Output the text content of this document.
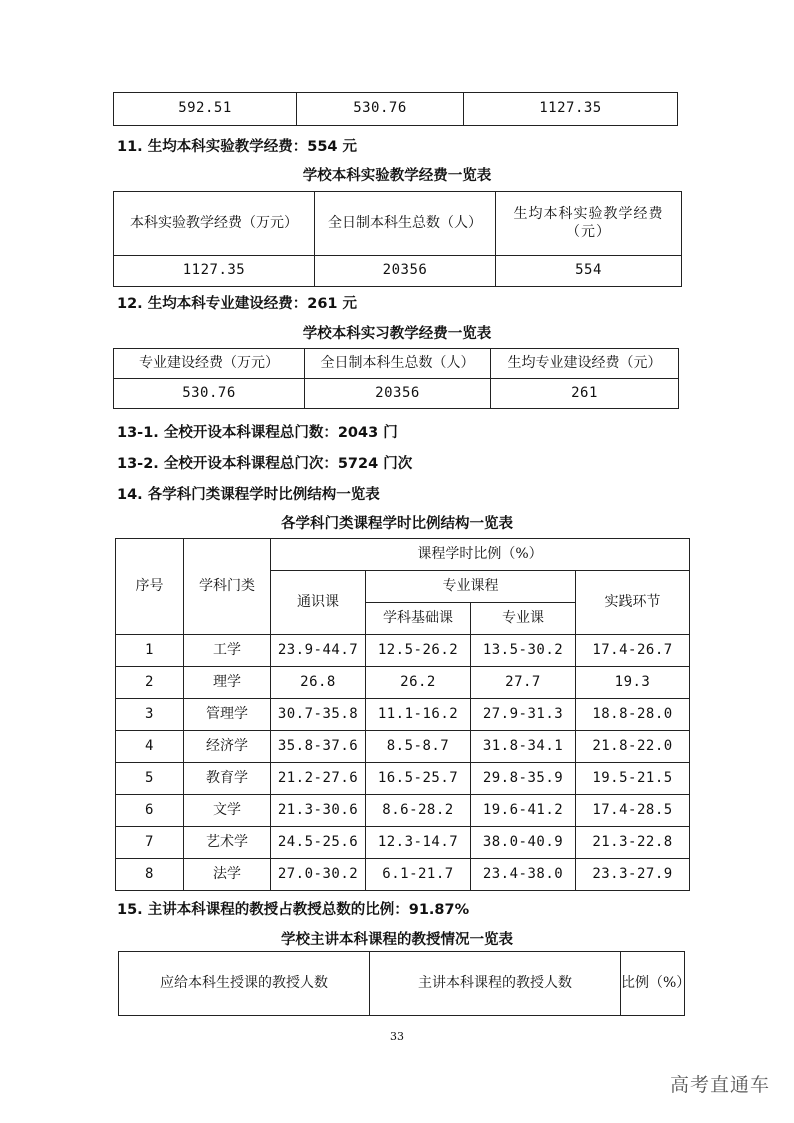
592.51	530.76	1127.35
11. 生均本科实验教学经费：554 元
学校本科实验教学经费一览表
本科实验教学经费（万元）	全日制本科生总数（人）	生均本科实验教学经费（元）
1127.35	20356	554
12. 生均本科专业建设经费：261 元
学校本科实习教学经费一览表
专业建设经费（万元）	全日制本科生总数（人）	生均专业建设经费（元）
530.76	20356	261
13-1. 全校开设本科课程总门数：2043 门
13-2. 全校开设本科课程总门次：5724 门次
14. 各学科门类课程学时比例结构一览表
各学科门类课程学时比例结构一览表
序号	学科门类	课程学时比例（%）			
		通识课	专业课程		实践环节
			学科基础课	专业课	
1	工学	23.9-44.7	12.5-26.2	13.5-30.2	17.4-26.7
2	理学	26.8	26.2	27.7	19.3
3	管理学	30.7-35.8	11.1-16.2	27.9-31.3	18.8-28.0
4	经济学	35.8-37.6	8.5-8.7	31.8-34.1	21.8-22.0
5	教育学	21.2-27.6	16.5-25.7	29.8-35.9	19.5-21.5
6	文学	21.3-30.6	8.6-28.2	19.6-41.2	17.4-28.5
7	艺术学	24.5-25.6	12.3-14.7	38.0-40.9	21.3-22.8
8	法学	27.0-30.2	6.1-21.7	23.4-38.0	23.3-27.9
15. 主讲本科课程的教授占教授总数的比例：91.87%
学校主讲本科课程的教授情况一览表
应给本科生授课的教授人数	主讲本科课程的教授人数	比例（%）
33
高考直通车
